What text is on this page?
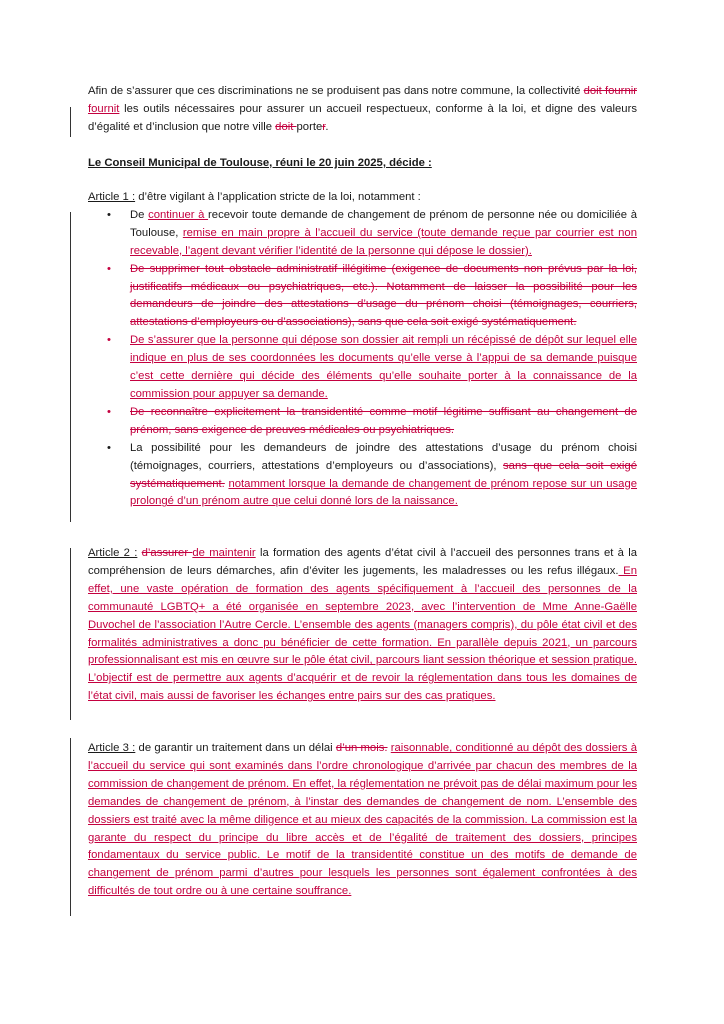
Afin de s’assurer que ces discriminations ne se produisent pas dans notre commune, la collectivité doit fournir fournit les outils nécessaires pour assurer un accueil respectueux, conforme à la loi, et digne des valeurs d’égalité et d’inclusion que notre ville doit porter.

Le Conseil Municipal de Toulouse, réuni le 20 juin 2025, décide :

Article 1 : d’être vigilant à l’application stricte de la loi, notamment :

• De continuer à recevoir toute demande de changement de prénom de personne née ou domiciliée à Toulouse, remise en main propre à l’accueil du service (toute demande reçue par courrier est non recevable, l’agent devant vérifier l’identité de la personne qui dépose le dossier).
• De supprimer tout obstacle administratif illégitime (exigence de documents non prévus par la loi, justificatifs médicaux ou psychiatriques, etc.). Notamment de laisser la possibilité pour les demandeurs de joindre des attestations d’usage du prénom choisi (témoignages, courriers, attestations d’employeurs ou d’associations), sans que cela soit exigé systématiquement.
• De s’assurer que la personne qui dépose son dossier ait rempli un récépissé de dépôt sur lequel elle indique en plus de ses coordonnées les documents qu’elle verse à l’appui de sa demande puisque c’est cette dernière qui décide des éléments qu’elle souhaite porter à la connaissance de la commission pour appuyer sa demande.
• De reconnaître explicitement la transidentité comme motif légitime suffisant au changement de prénom, sans exigence de preuves médicales ou psychiatriques.
• La possibilité pour les demandeurs de joindre des attestations d’usage du prénom choisi (témoignages, courriers, attestations d’employeurs ou d’associations), sans que cela soit exigé systématiquement. notamment lorsque la demande de changement de prénom repose sur un usage prolongé d’un prénom autre que celui donné lors de la naissance.

Article 2 : d’assurer de maintenir la formation des agents d’état civil à l’accueil des personnes trans et à la compréhension de leurs démarches, afin d’éviter les jugements, les maladresses ou les refus illégaux. En effet, une vaste opération de formation des agents spécifiquement à l’accueil des personnes de la communauté LGBTQ+ a été organisée en septembre 2023, avec l’intervention de Mme Anne-Gaëlle Duvochel de l’association l’Autre Cercle. L’ensemble des agents (managers compris), du pôle état civil et des formalités administratives a donc pu bénéficier de cette formation. En parallèle depuis 2021, un parcours professionnalisant est mis en œuvre sur le pôle état civil, parcours liant session théorique et session pratique. L’objectif est de permettre aux agents d’acquérir et de revoir la réglementation dans tous les domaines de l’état civil, mais aussi de favoriser les échanges entre pairs sur des cas pratiques.

Article 3 : de garantir un traitement dans un délai d’un mois. raisonnable, conditionné au dépôt des dossiers à l’accueil du service qui sont examinés dans l’ordre chronologique d’arrivée par chacun des membres de la commission de changement de prénom. En effet, la réglementation ne prévoit pas de délai maximum pour les demandes de changement de prénom, à l’instar des demandes de changement de nom. L’ensemble des dossiers est traité avec la même diligence et au mieux des capacités de la commission. La commission est la garante du respect du principe du libre accès et de l’égalité de traitement des dossiers, principes fondamentaux du service public. Le motif de la transidentité constitue un des motifs de demande de changement de prénom parmi d’autres pour lesquels les personnes sont également confrontées à des difficultés de tout ordre ou à une certaine souffrance.
